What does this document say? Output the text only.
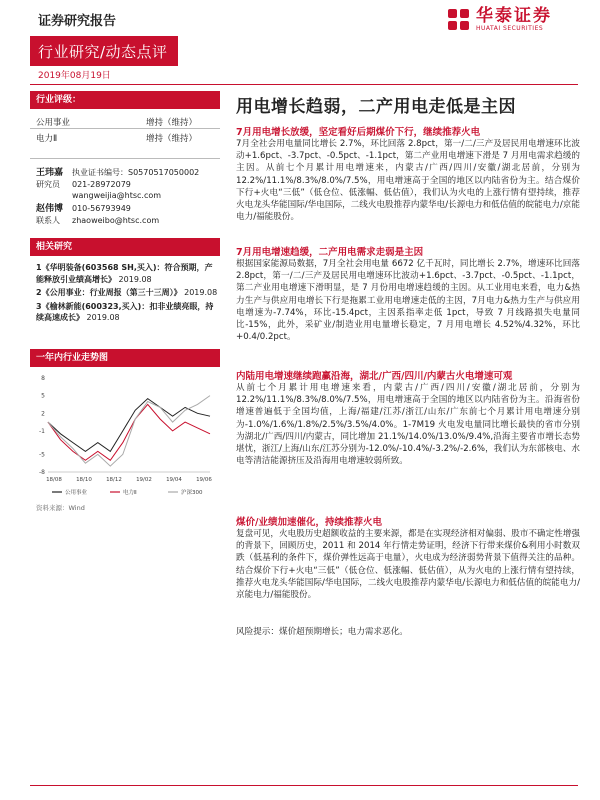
证券研究报告	华泰证券
HUATAI SECURITIES
行业研究/动态点评
2019年08月19日
行业评级：
公用事业	增持（维持）
电力Ⅱ	增持（维持）
王玮嘉 执业证书编号：S0570517050002
研究员 021-28972079
wangweijia@htsc.com
赵伟博 010-56793949
联系人 zhaoweibo@htsc.com
相关研究
1《华明装备(603568 SH,买入)：符合预期，产能释放引业绩高增长》 2019.08
2《公用事业：行业周报（第三十三周）》 2019.08
3《榆林新能(600323,买入)：扣非业绩亮眼，持续高速成长》 2019.08
一年内行业走势图
8
5
2
-1
-5
-8
18/08	18/10	18/12	19/02	19/04	19/06
公用事业	电力Ⅱ	沪深300
资料来源：Wind
用电增长趋弱，二产用电走低是主因
7月用电增长放缓，坚定看好后期煤价下行，继续推荐火电
7月全社会用电量同比增长 2.7%，环比回落 2.8pct，第一/二/三产及居民用电增速环比波动+1.6pct、-3.7pct、-0.5pct、-1.1pct，第二产业用电增速下滑是 7 月用电需求趋缓的主因。从前七个月累计用电增速来，内蒙古/广西/四川/安徽/湖北居前，分别为 12.2%/11.1%/8.3%/8.0%/7.5%，用电增速高于全国的地区以内陆省份为主。结合煤价下行+火电“三低”（低仓位、低涨幅、低估值），我们认为火电的上涨行情有望持续，推荐火电龙头华能国际/华电国际，二线火电股推荐内蒙华电/长源电力和低估值的皖能电力/京能电力/福能股份。
7月用电增速趋缓，二产用电需求走弱是主因
根据国家能源局数据，7月全社会用电量 6672 亿千瓦时，同比增长 2.7%，增速环比回落 2.8pct，第一/二/三产及居民用电增速环比波动+1.6pct、-3.7pct、-0.5pct、-1.1pct，第二产业用电增速下滑明显，是 7 月份用电增速趋缓的主因。从工业用电来看，电力&热力生产与供应用电增长下行是拖累工业用电增速走低的主因，7月电力&热力生产与供应用电增速为-7.74%，环比-15.4pct，主因系指率走低 1pct，导致 7 月线路损失电量同比-15%，此外，采矿业/制造业用电量增长稳定，7 月用电增长 4.52%/4.32%，环比+0.4/0.2pct。
内陆用电增速继续跑赢沿海，湖北/广西/四川/内蒙古火电增速可观
从前七个月累计用电增速来看，内蒙古/广西/四川/安徽/湖北居前，分别为 12.2%/11.1%/8.3%/8.0%/7.5%，用电增速高于全国的地区以内陆省份为主。沿海省份增速普遍低于全国均值，上海/福建/江苏/浙江/山东/广东前七个月累计用电增速分别为-1.0%/1.6%/1.8%/2.5%/3.5%/4.0%。1-7M19 火电发电量同比增长最快的省市分别为湖北/广西/四川/内蒙古，同比增加 21.1%/14.0%/13.0%/9.4%,沿海主要省市增长态势堪忧，浙江/上海/山东/江苏分别为-12.0%/-10.4%/-3.2%/-2.6%，我们认为东部核电、水电等清洁能源挤压及沿海用电增速较弱所致。
煤价/业绩加速催化，持续推荐火电
复盘可见，火电股历史超额收益的主要来源，都是在实现经济相对偏弱、股市不确定性增强的背景下，回顾历史，2011 和 2014 年行情走势证明，经济下行带来煤价&利用小时数双跌（低基利的条件下，煤价弹性远高于电量），火电成为经济弱势背景下值得关注的品种。结合煤价下行+火电“三低”（低仓位、低涨幅、低估值），从为火电的上涨行情有望持续，推荐火电龙头华能国际/华电国际，二线火电股推荐内蒙华电/长源电力和低估值的皖能电力/京能电力/福能股份。
风险提示：煤价超预期增长；电力需求恶化。
